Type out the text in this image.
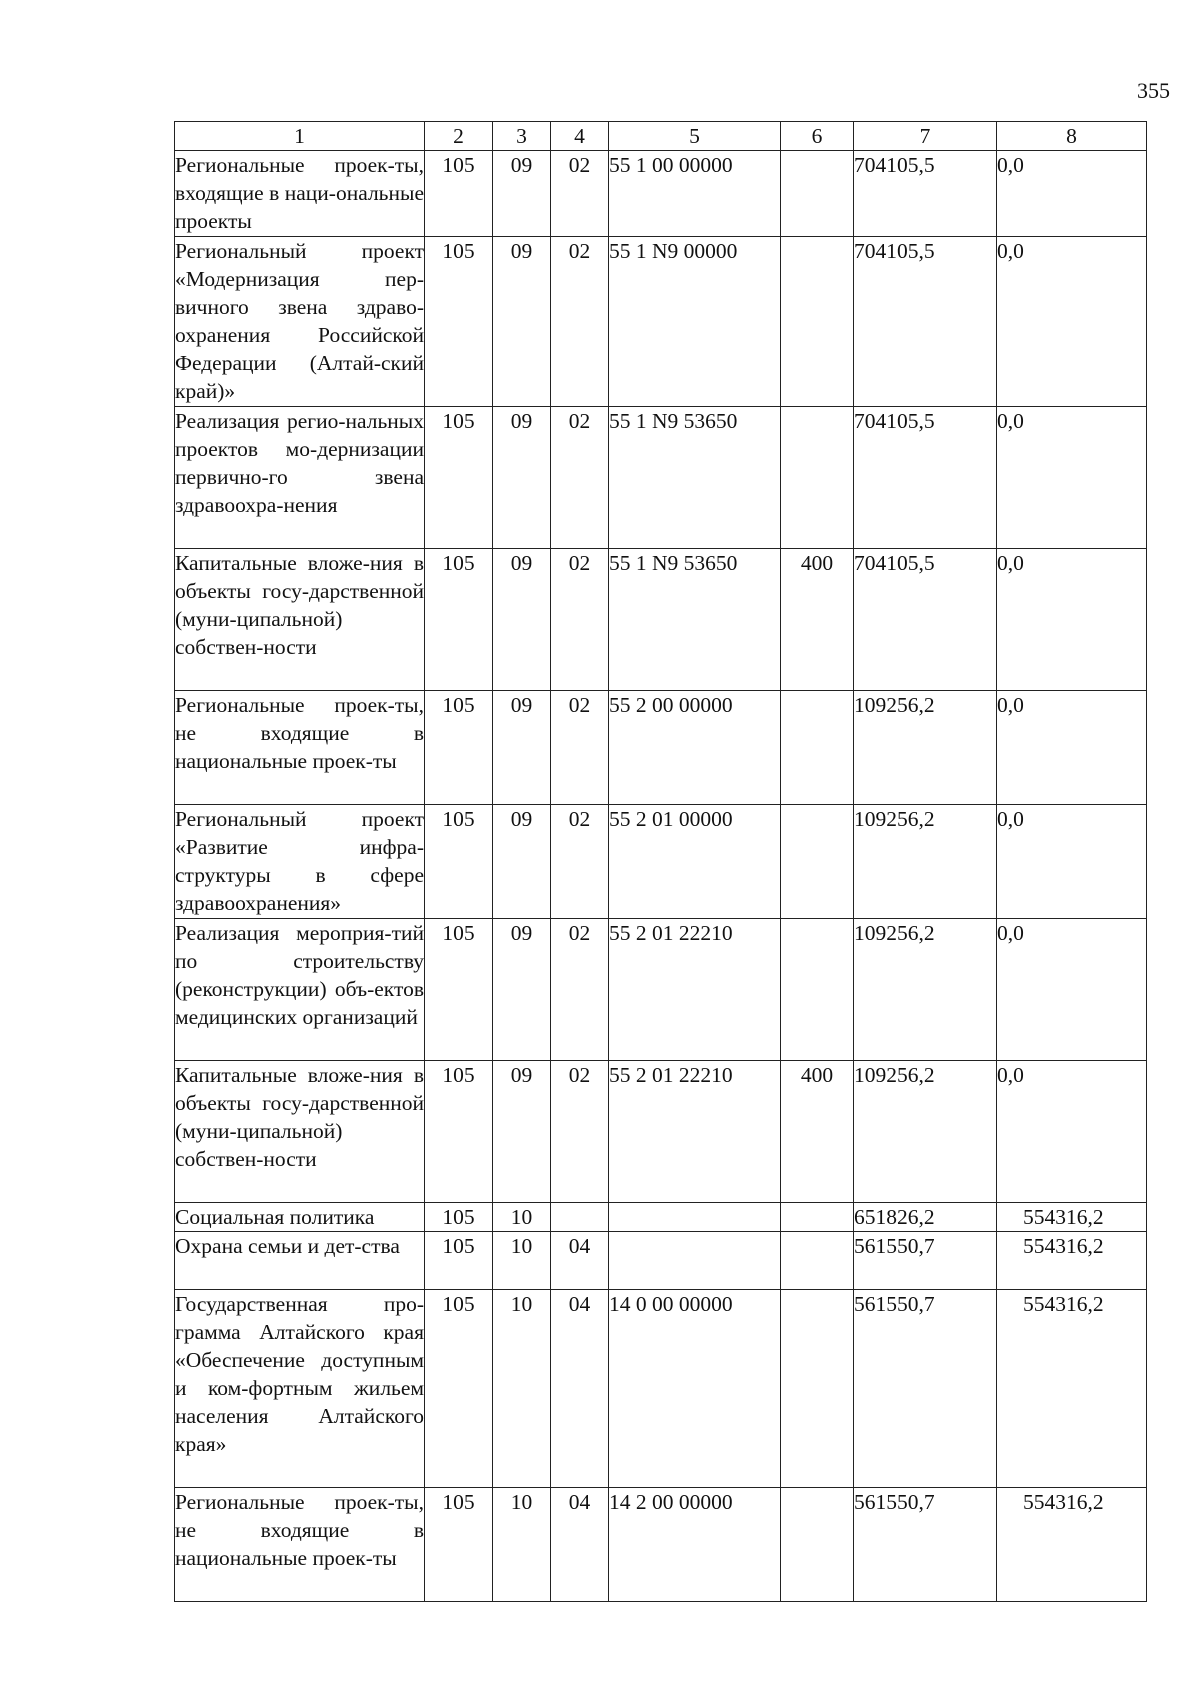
355
1	2	3	4	5	6	7	8
Региональные проек-ты, входящие в наци-ональные проекты	105	09	02	55 1 00 00000		704105,5	0,0
Региональный проект «Модернизация пер-вичного звена здраво-охранения Российской Федерации (Алтай-ский край)»	105	09	02	55 1 N9 00000		704105,5	0,0
Реализация регио-нальных проектов мо-дернизации первично-го звена здравоохра-нения	105	09	02	55 1 N9 53650		704105,5	0,0
Капитальные вложе-ния в объекты госу-дарственной (муни-ципальной) собствен-ности	105	09	02	55 1 N9 53650	400	704105,5	0,0
Региональные проек-ты, не входящие в национальные проек-ты	105	09	02	55 2 00 00000		109256,2	0,0
Региональный проект «Развитие инфра-структуры в сфере здравоохранения»	105	09	02	55 2 01 00000		109256,2	0,0
Реализация мероприя-тий по строительству (реконструкции) объ-ектов медицинских организаций	105	09	02	55 2 01 22210		109256,2	0,0
Капитальные вложе-ния в объекты госу-дарственной (муни-ципальной) собствен-ности	105	09	02	55 2 01 22210	400	109256,2	0,0
Социальная политика	105	10				651826,2	554316,2
Охрана семьи и дет-ства	105	10	04			561550,7	554316,2
Государственная про-грамма Алтайского края «Обеспечение доступным и ком-фортным жильем населения Алтайского края»	105	10	04	14 0 00 00000		561550,7	554316,2
Региональные проек-ты, не входящие в национальные проек-ты	105	10	04	14 2 00 00000		561550,7	554316,2
